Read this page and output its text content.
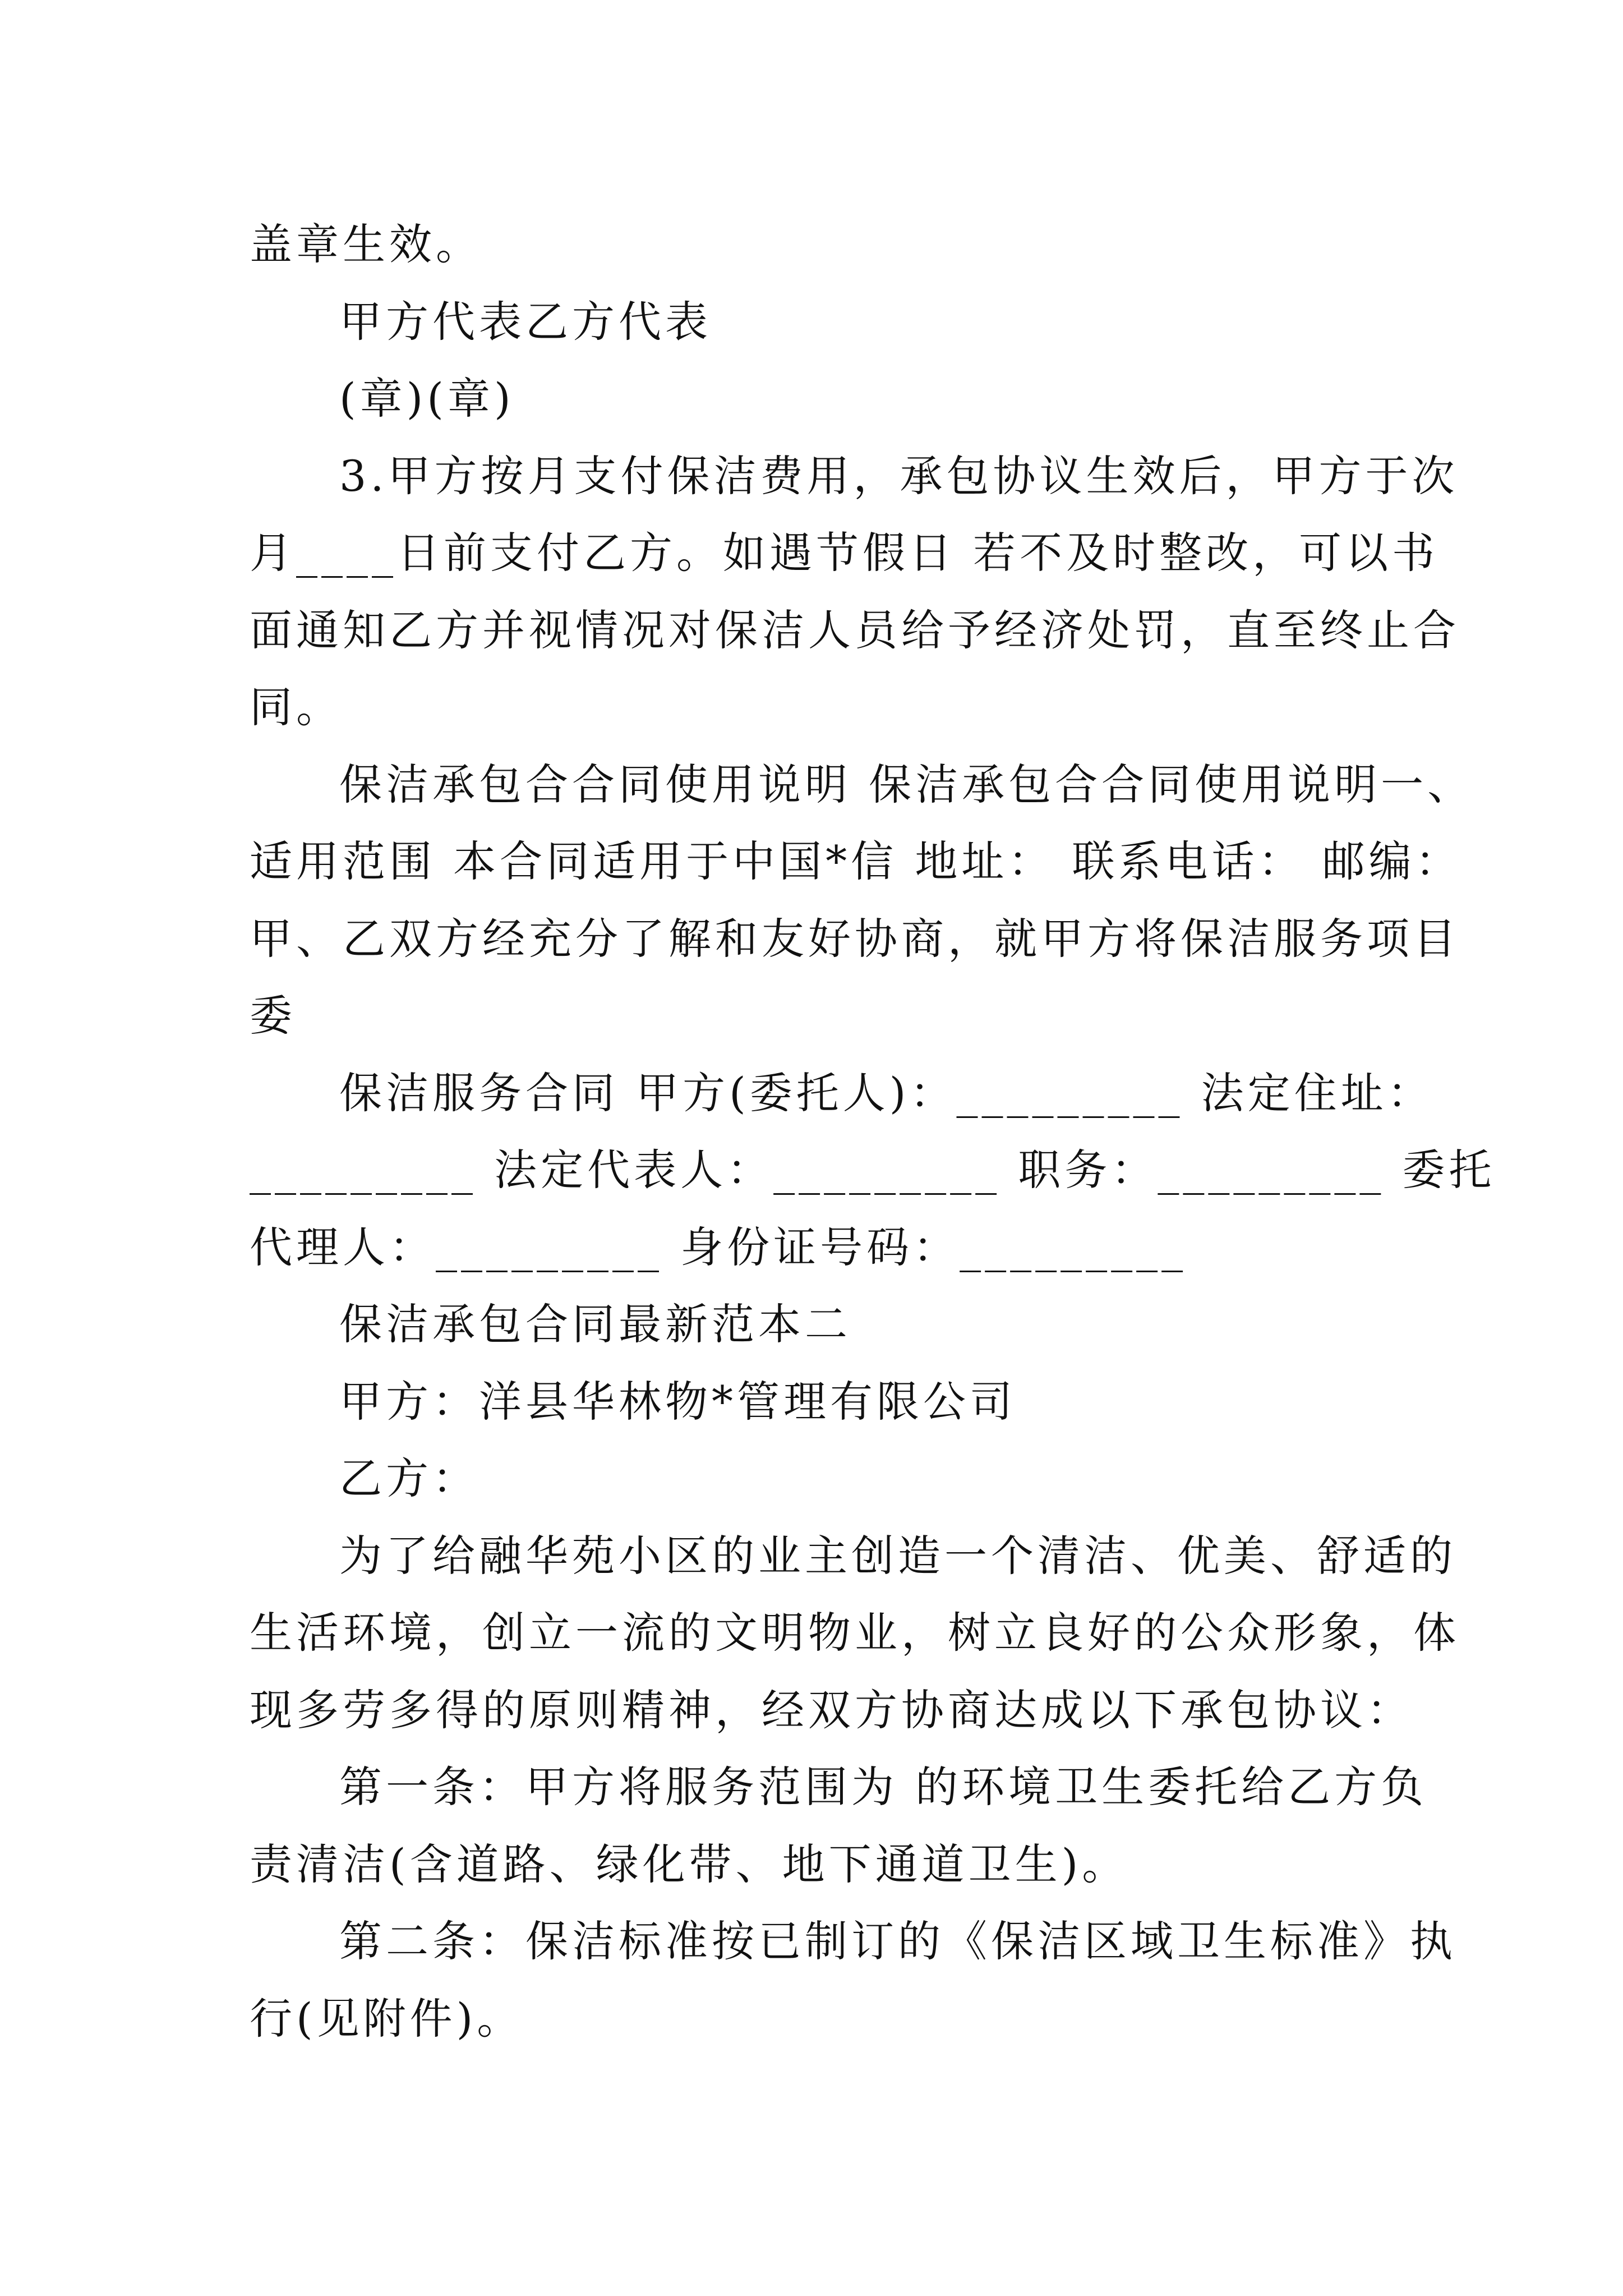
盖章生效。
甲方代表乙方代表
(章)(章)
3.甲方按月支付保洁费用，承包协议生效后，甲方于次
月____日前支付乙方。如遇节假日 若不及时整改，可以书
面通知乙方并视情况对保洁人员给予经济处罚，直至终止合
同。
保洁承包合合同使用说明 保洁承包合合同使用说明一、
适用范围 本合同适用于中国*信 地址： 联系电话： 邮编：
甲、乙双方经充分了解和友好协商，就甲方将保洁服务项目
委
保洁服务合同 甲方(委托人)：_________ 法定住址：
_________ 法定代表人：_________ 职务：_________ 委托
代理人：_________ 身份证号码：_________
保洁承包合同最新范本二
甲方：洋县华林物*管理有限公司
乙方：
为了给融华苑小区的业主创造一个清洁、优美、舒适的
生活环境，创立一流的文明物业，树立良好的公众形象，体
现多劳多得的原则精神，经双方协商达成以下承包协议：
第一条：甲方将服务范围为 的环境卫生委托给乙方负
责清洁(含道路、绿化带、地下通道卫生)。
第二条：保洁标准按已制订的《保洁区域卫生标准》执
行(见附件)。
